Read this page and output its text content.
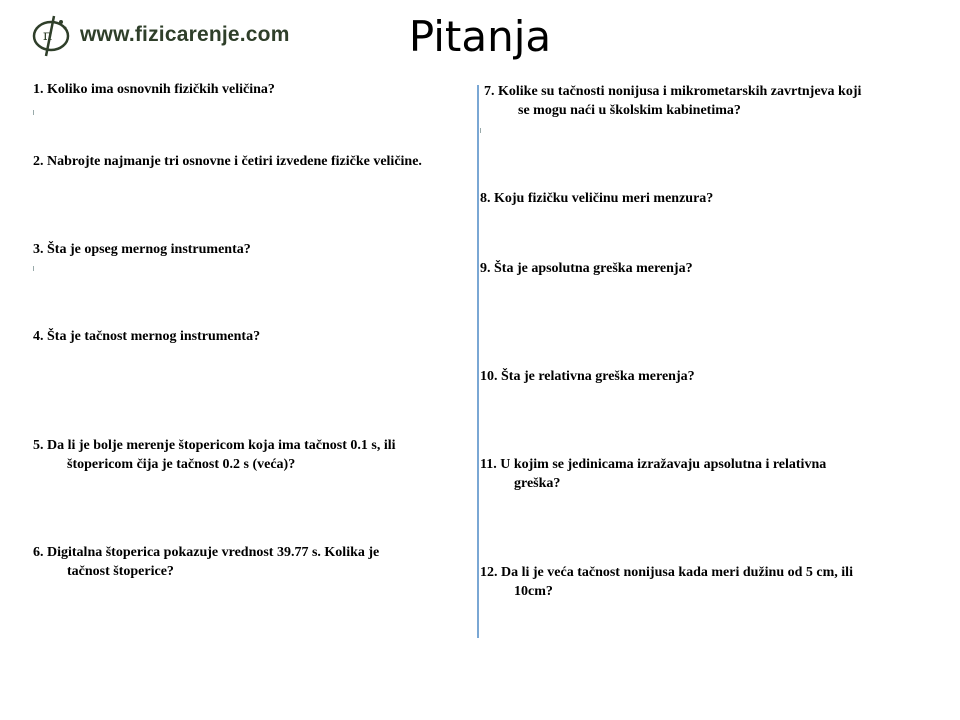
π www.fizicarenje.com	Pitanja
1. Koliko ima osnovnih fizičkih veličina?
2. Nabrojte najmanje tri osnovne i četiri izvedene fizičke veličine.
3. Šta je opseg mernog instrumenta?
4. Šta je tačnost mernog instrumenta?
5. Da li je bolje merenje štopericom koja ima tačnost 0.1 s, ili
štopericom čija je tačnost 0.2 s (veća)?
6. Digitalna štoperica pokazuje vrednost 39.77 s. Kolika je
tačnost štoperice?
7. Kolike su tačnosti nonijusa i mikrometarskih zavrtnjeva koji
se mogu naći u školskim kabinetima?
8. Koju fizičku veličinu meri menzura?
9. Šta je apsolutna greška merenja?
10. Šta je relativna greška merenja?
11. U kojim se jedinicama izražavaju apsolutna i relativna
greška?
12. Da li je veća tačnost nonijusa kada meri dužinu od 5 cm, ili
10cm?
